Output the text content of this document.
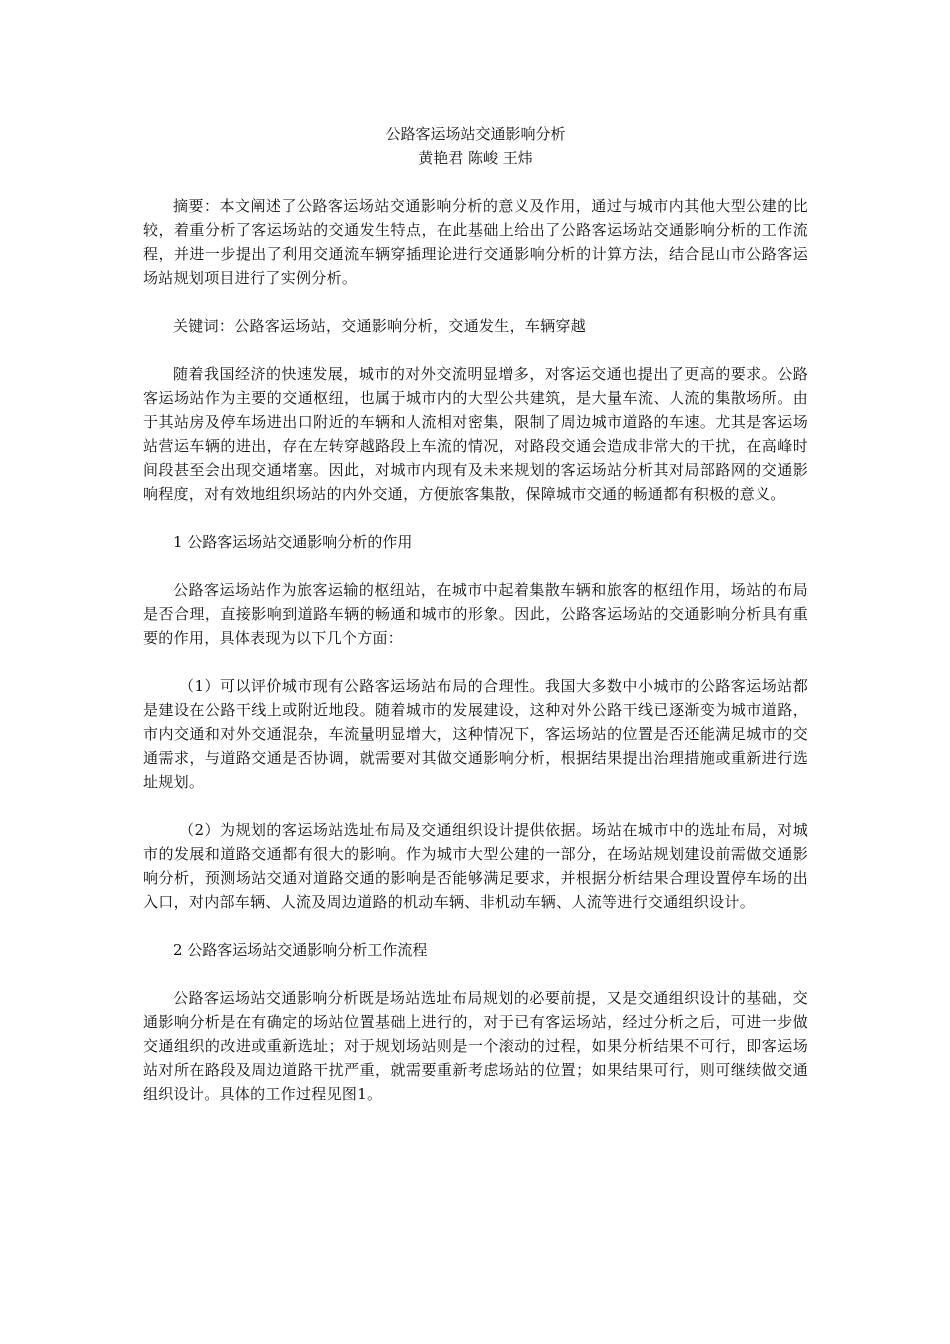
公路客运场站交通影响分析

黄艳君 陈峻 王炜

摘要：本文阐述了公路客运场站交通影响分析的意义及作用，通过与城市内其他大型公建的比较，着重分析了客运场站的交通发生特点，在此基础上给出了公路客运场站交通影响分析的工作流程，并进一步提出了利用交通流车辆穿插理论进行交通影响分析的计算方法，结合昆山市公路客运场站规划项目进行了实例分析。

关键词：公路客运场站，交通影响分析，交通发生，车辆穿越

随着我国经济的快速发展，城市的对外交流明显增多，对客运交通也提出了更高的要求。公路客运场站作为主要的交通枢纽，也属于城市内的大型公共建筑，是大量车流、人流的集散场所。由于其站房及停车场进出口附近的车辆和人流相对密集，限制了周边城市道路的车速。尤其是客运场站营运车辆的进出，存在左转穿越路段上车流的情况，对路段交通会造成非常大的干扰，在高峰时间段甚至会出现交通堵塞。因此，对城市内现有及未来规划的客运场站分析其对局部路网的交通影响程度，对有效地组织场站的内外交通，方便旅客集散，保障城市交通的畅通都有积极的意义。

1 公路客运场站交通影响分析的作用

公路客运场站作为旅客运输的枢纽站，在城市中起着集散车辆和旅客的枢纽作用，场站的布局是否合理，直接影响到道路车辆的畅通和城市的形象。因此，公路客运场站的交通影响分析具有重要的作用，具体表现为以下几个方面：

（1）可以评价城市现有公路客运场站布局的合理性。我国大多数中小城市的公路客运场站都是建设在公路干线上或附近地段。随着城市的发展建设，这种对外公路干线已逐渐变为城市道路，市内交通和对外交通混杂，车流量明显增大，这种情况下，客运场站的位置是否还能满足城市的交通需求，与道路交通是否协调，就需要对其做交通影响分析，根据结果提出治理措施或重新进行选址规划。

（2）为规划的客运场站选址布局及交通组织设计提供依据。场站在城市中的选址布局，对城市的发展和道路交通都有很大的影响。作为城市大型公建的一部分，在场站规划建设前需做交通影响分析，预测场站交通对道路交通的影响是否能够满足要求，并根据分析结果合理设置停车场的出入口，对内部车辆、人流及周边道路的机动车辆、非机动车辆、人流等进行交通组织设计。

2 公路客运场站交通影响分析工作流程

公路客运场站交通影响分析既是场站选址布局规划的必要前提，又是交通组织设计的基础，交通影响分析是在有确定的场站位置基础上进行的，对于已有客运场站，经过分析之后，可进一步做交通组织的改进或重新选址；对于规划场站则是一个滚动的过程，如果分析结果不可行，即客运场站对所在路段及周边道路干扰严重，就需要重新考虑场站的位置；如果结果可行，则可继续做交通组织设计。具体的工作过程见图1。
